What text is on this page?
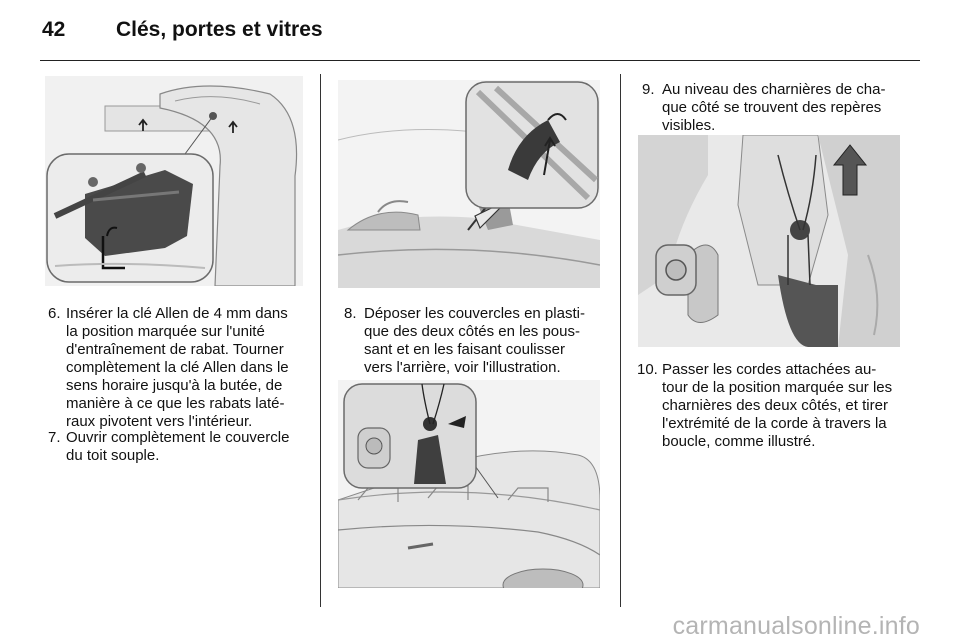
42	Clés, portes et vitres
6. Insérer la clé Allen de 4 mm dans
la position marquée sur l'unité
d'entraînement de rabat. Tourner
complètement la clé Allen dans le
sens horaire jusqu'à la butée, de
manière à ce que les rabats laté-
raux pivotent vers l'intérieur.
7. Ouvrir complètement le couvercle
du toit souple.
8. Déposer les couvercles en plasti-
que des deux côtés en les pous-
sant et en les faisant coulisser
vers l'arrière, voir l'illustration.
9. Au niveau des charnières de cha-
que côté se trouvent des repères
visibles.
10. Passer les cordes attachées au-
tour de la position marquée sur les
charnières des deux côtés, et tirer
l'extrémité de la corde à travers la
boucle, comme illustré.
carmanualsonline.info
